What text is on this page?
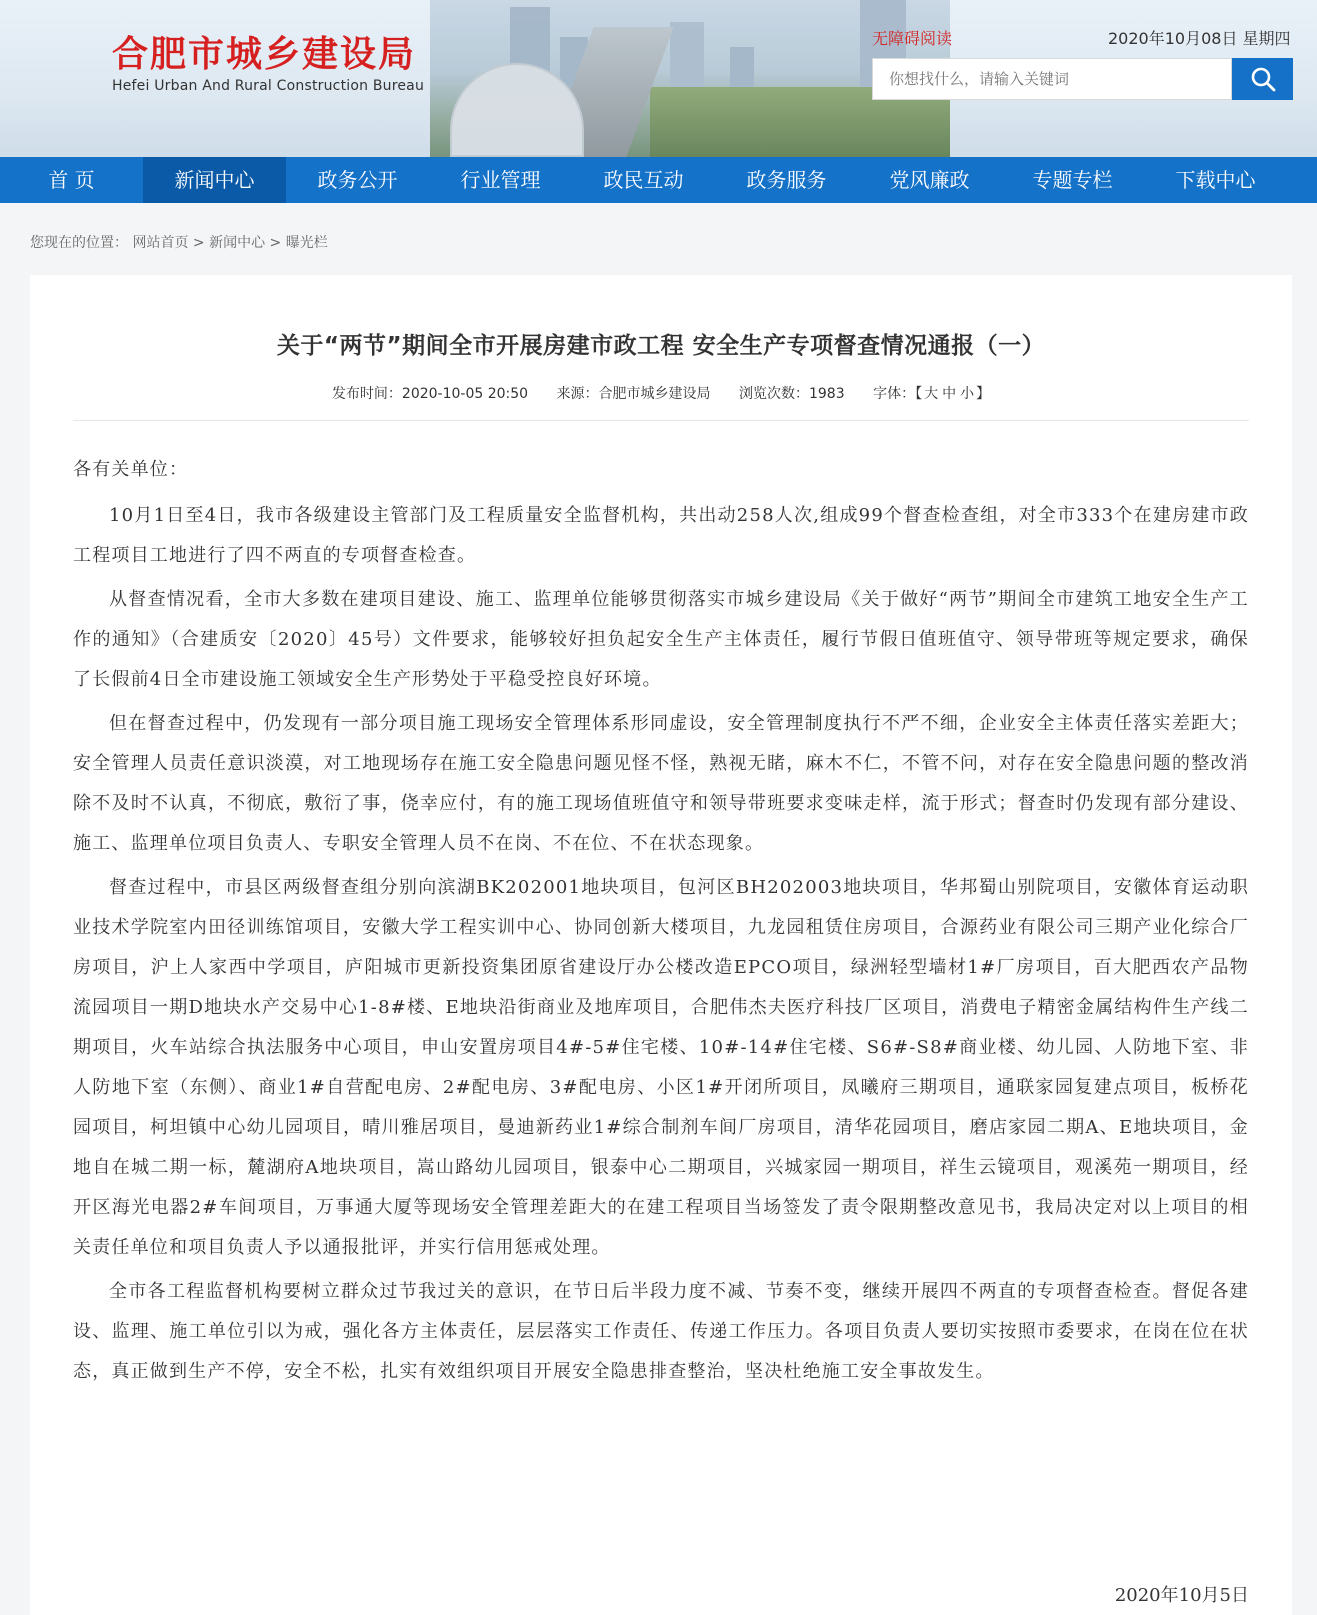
合肥市城乡建设局
Hefei Urban And Rural Construction Bureau
无障碍阅读	2020年10月08日 星期四
你想找什么，请输入关键词
首 页	新闻中心	政务公开	行业管理	政民互动	政务服务	党风廉政	专题专栏	下载中心
您现在的位置： 网站首页 > 新闻中心 > 曝光栏
关于“两节”期间全市开展房建市政工程 安全生产专项督查情况通报（一）
发布时间：2020-10-05 20:50 来源：合肥市城乡建设局 浏览次数：1983 字体：【 大 中 小 】

各有关单位：

10月1日至4日，我市各级建设主管部门及工程质量安全监督机构，共出动258人次,组成99个督查检查组，对全市333个在建房建市政工程项目工地进行了四不两直的专项督查检查。

从督查情况看，全市大多数在建项目建设、施工、监理单位能够贯彻落实市城乡建设局《关于做好“两节”期间全市建筑工地安全生产工作的通知》（合建质安〔2020〕45号）文件要求，能够较好担负起安全生产主体责任，履行节假日值班值守、领导带班等规定要求，确保了长假前4日全市建设施工领域安全生产形势处于平稳受控良好环境。

但在督查过程中，仍发现有一部分项目施工现场安全管理体系形同虚设，安全管理制度执行不严不细，企业安全主体责任落实差距大；安全管理人员责任意识淡漠，对工地现场存在施工安全隐患问题见怪不怪，熟视无睹，麻木不仁，不管不问，对存在安全隐患问题的整改消除不及时不认真，不彻底，敷衍了事，侥幸应付，有的施工现场值班值守和领导带班要求变味走样，流于形式；督查时仍发现有部分建设、施工、监理单位项目负责人、专职安全管理人员不在岗、不在位、不在状态现象。

督查过程中，市县区两级督查组分别向滨湖BK202001地块项目，包河区BH202003地块项目，华邦蜀山别院项目，安徽体育运动职业技术学院室内田径训练馆项目，安徽大学工程实训中心、协同创新大楼项目，九龙园租赁住房项目，合源药业有限公司三期产业化综合厂房项目，沪上人家西中学项目，庐阳城市更新投资集团原省建设厅办公楼改造EPCO项目，绿洲轻型墙材1#厂房项目，百大肥西农产品物流园项目一期D地块水产交易中心1-8#楼、E地块沿街商业及地库项目，合肥伟杰夫医疗科技厂区项目，消费电子精密金属结构件生产线二期项目，火车站综合执法服务中心项目，申山安置房项目4#-5#住宅楼、10#-14#住宅楼、S6#-S8#商业楼、幼儿园、人防地下室、非人防地下室（东侧）、商业1#自营配电房、2#配电房、3#配电房、小区1#开闭所项目，凤曦府三期项目，通联家园复建点项目，板桥花园项目，柯坦镇中心幼儿园项目，晴川雅居项目，曼迪新药业1#综合制剂车间厂房项目，清华花园项目，磨店家园二期A、E地块项目，金地自在城二期一标，麓湖府A地块项目，嵩山路幼儿园项目，银泰中心二期项目，兴城家园一期项目，祥生云镜项目，观溪苑一期项目，经开区海光电器2#车间项目，万事通大厦等现场安全管理差距大的在建工程项目当场签发了责令限期整改意见书，我局决定对以上项目的相关责任单位和项目负责人予以通报批评，并实行信用惩戒处理。

全市各工程监督机构要树立群众过节我过关的意识，在节日后半段力度不减、节奏不变，继续开展四不两直的专项督查检查。督促各建设、监理、施工单位引以为戒，强化各方主体责任，层层落实工作责任、传递工作压力。各项目负责人要切实按照市委要求，在岗在位在状态，真正做到生产不停，安全不松，扎实有效组织项目开展安全隐患排查整治，坚决杜绝施工安全事故发生。

2020年10月5日
